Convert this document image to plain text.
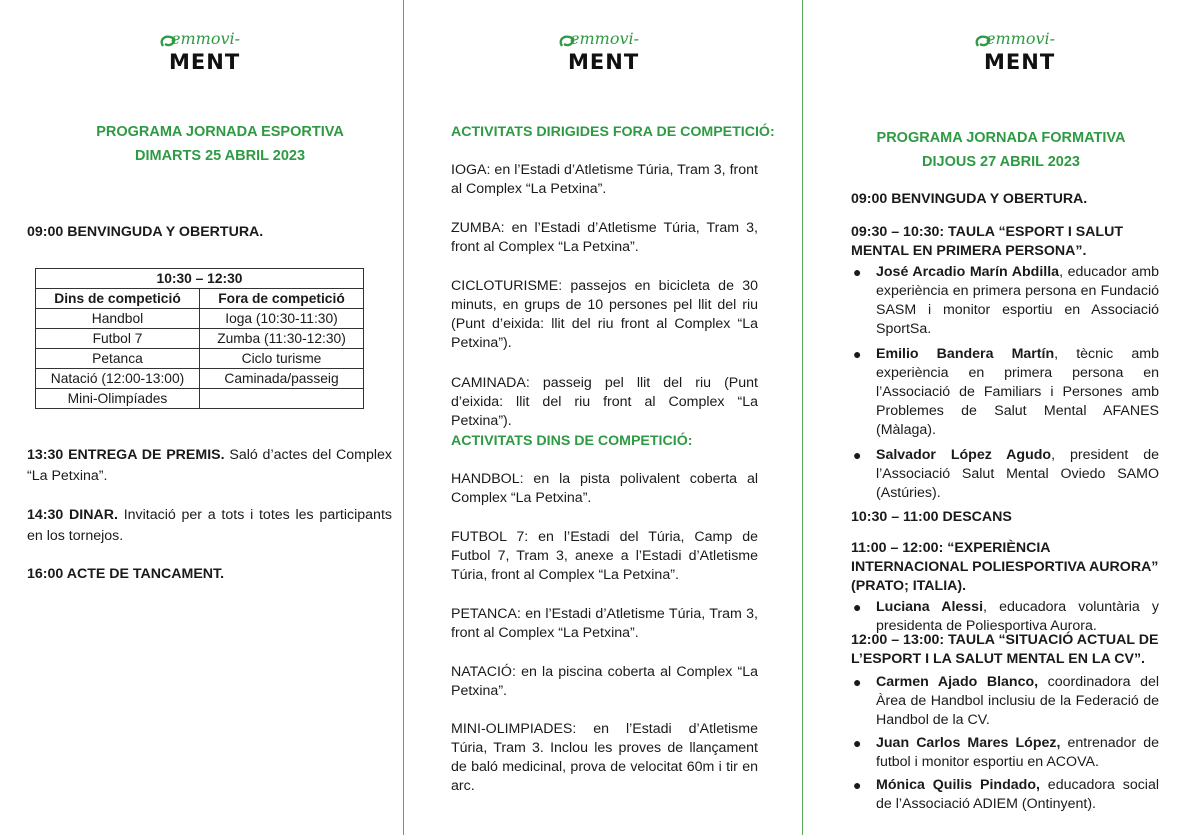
emmovi-
MENT
PROGRAMA JORNADA ESPORTIVA
DIMARTS 25 ABRIL 2023
09:00 BENVINGUDA Y OBERTURA.
10:30 – 12:30	
Dins de competició	Fora de competició
Handbol	Ioga (10:30-11:30)
Futbol 7	Zumba (11:30-12:30)
Petanca	Ciclo turisme
Natació (12:00-13:00)	Caminada/passeig
Mini-Olimpíades	

13:30 ENTREGA DE PREMIS. Saló d’actes del Complex “La Petxina”.

14:30 DINAR. Invitació per a tots i totes les participants en los tornejos.

16:00 ACTE DE TANCAMENT.
emmovi-
MENT
ACTIVITATS DIRIGIDES FORA DE COMPETICIÓ:

IOGA: en l’Estadi d’Atletisme Túria, Tram 3, front al Complex “La Petxina”.

ZUMBA: en l’Estadi d’Atletisme Túria, Tram 3, front al Complex “La Petxina”.

CICLOTURISME: passejos en bicicleta de 30 minuts, en grups de 10 persones pel llit del riu (Punt d’eixida: llit del riu front al Complex “La Petxina”).

CAMINADA: passeig pel llit del riu (Punt d’eixida: llit del riu front al Complex “La Petxina”).

ACTIVITATS DINS DE COMPETICIÓ:

HANDBOL: en la pista polivalent coberta al Complex “La Petxina”.

FUTBOL 7: en l’Estadi del Túria, Camp de Futbol 7, Tram 3, anexe a l’Estadi d’Atletisme Túria, front al Complex “La Petxina”.

PETANCA: en l’Estadi d’Atletisme Túria, Tram 3, front al Complex “La Petxina”.

NATACIÓ: en la piscina coberta al Complex “La Petxina”.

MINI-OLIMPIADES: en l’Estadi d’Atletisme Túria, Tram 3. Inclou les proves de llançament de baló medicinal, prova de velocitat 60m i tir en arc.

emmovi-
MENT
PROGRAMA JORNADA FORMATIVA
DIJOUS 27 ABRIL 2023
09:00 BENVINGUDA Y OBERTURA.
09:30 – 10:30: TAULA “ESPORT I SALUT MENTAL EN PRIMERA PERSONA”.
● José Arcadio Marín Abdilla, educador amb experiència en primera persona en Fundació SASM i monitor esportiu en Associació SportSa.
● Emilio Bandera Martín, tècnic amb experiència en primera persona en l’Associació de Familiars i Persones amb Problemes de Salut Mental AFANES (Màlaga).
● Salvador López Agudo, president de l’Associació Salut Mental Oviedo SAMO (Astúries).
10:30 – 11:00 DESCANS
11:00 – 12:00: “EXPERIÈNCIA INTERNACIONAL POLIESPORTIVA AURORA” (PRATO; ITALIA).
● Luciana Alessi, educadora voluntària y presidenta de Poliesportiva Aurora.
12:00 – 13:00: TAULA “SITUACIÓ ACTUAL DE L’ESPORT I LA SALUT MENTAL EN LA CV”.
● Carmen Ajado Blanco, coordinadora del Àrea de Handbol inclusiu de la Federació de Handbol de la CV.
● Juan Carlos Mares López, entrenador de futbol i monitor esportiu en ACOVA.
● Mónica Quilis Pindado, educadora social de l’Associació ADIEM (Ontinyent).
